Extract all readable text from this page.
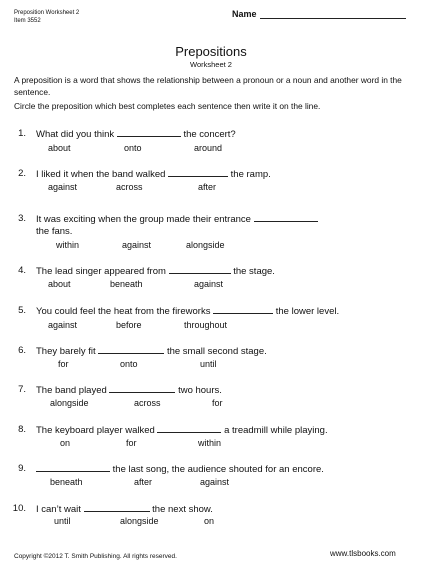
Preposition Worksheet 2
Item 3552
Name
Prepositions
Worksheet 2
A preposition is a word that shows the relationship between a pronoun or a noun and another word in the sentence.
Circle the preposition which best completes each sentence then write it on the line.
1. What did you think	the concert?
about	onto	around
2. I liked it when the band walked	the ramp.
against	across	after
3. It was exciting when the group made their entrance
the fans.
within	against	alongside
4. The lead singer appeared from	the stage.
about	beneath	against
5. You could feel the heat from the fireworks	the lower level.
against	before	throughout
6. They barely fit	the small second stage.
for	onto	until
7. The band played	two hours.
alongside	across	for
8. The keyboard player walked	a treadmill while playing.
on	for	within
9.	the last song, the audience shouted for an encore.
beneath	after	against
10. I can’t wait	the next show.
until	alongside	on
Copyright ©2012 T. Smith Publishing. All rights reserved.	www.tlsbooks.com
